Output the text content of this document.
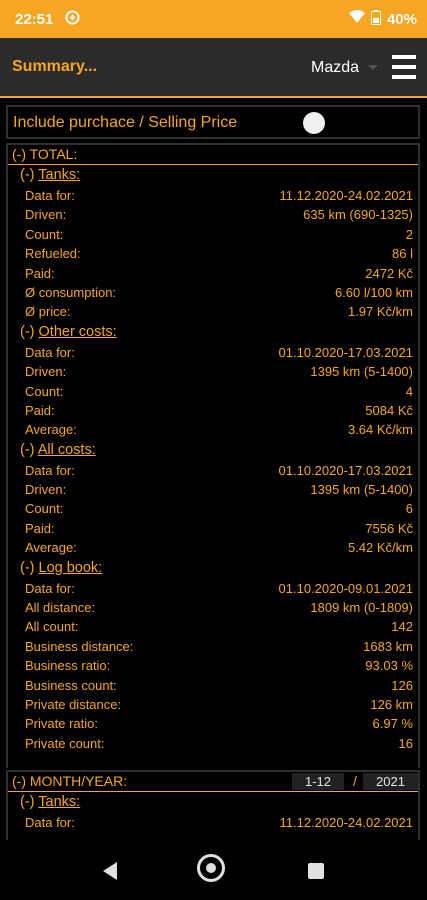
22:51	40%
Summary...	Mazda
Include purchace / Selling Price
(-) TOTAL:
(-) Tanks:
Data for:	11.12.2020-24.02.2021
Driven:	635 km (690-1325)
Count:	2
Refueled:	86 l
Paid:	2472 Kč
Ø consumption:	6.60 l/100 km
Ø price:	1.97 Kč/km
(-) Other costs:
Data for:	01.10.2020-17.03.2021
Driven:	1395 km (5-1400)
Count:	4
Paid:	5084 Kč
Average:	3.64 Kč/km
(-) All costs:
Data for:	01.10.2020-17.03.2021
Driven:	1395 km (5-1400)
Count:	6
Paid:	7556 Kč
Average:	5.42 Kč/km
(-) Log book:
Data for:	01.10.2020-09.01.2021
All distance:	1809 km (0-1809)
All count:	142
Business distance:	1683 km
Business ratio:	93.03 %
Business count:	126
Private distance:	126 km
Private ratio:	6.97 %
Private count:	16
(-) MONTH/YEAR:	1-12	/	2021
(-) Tanks:
Data for:	11.12.2020-24.02.2021
